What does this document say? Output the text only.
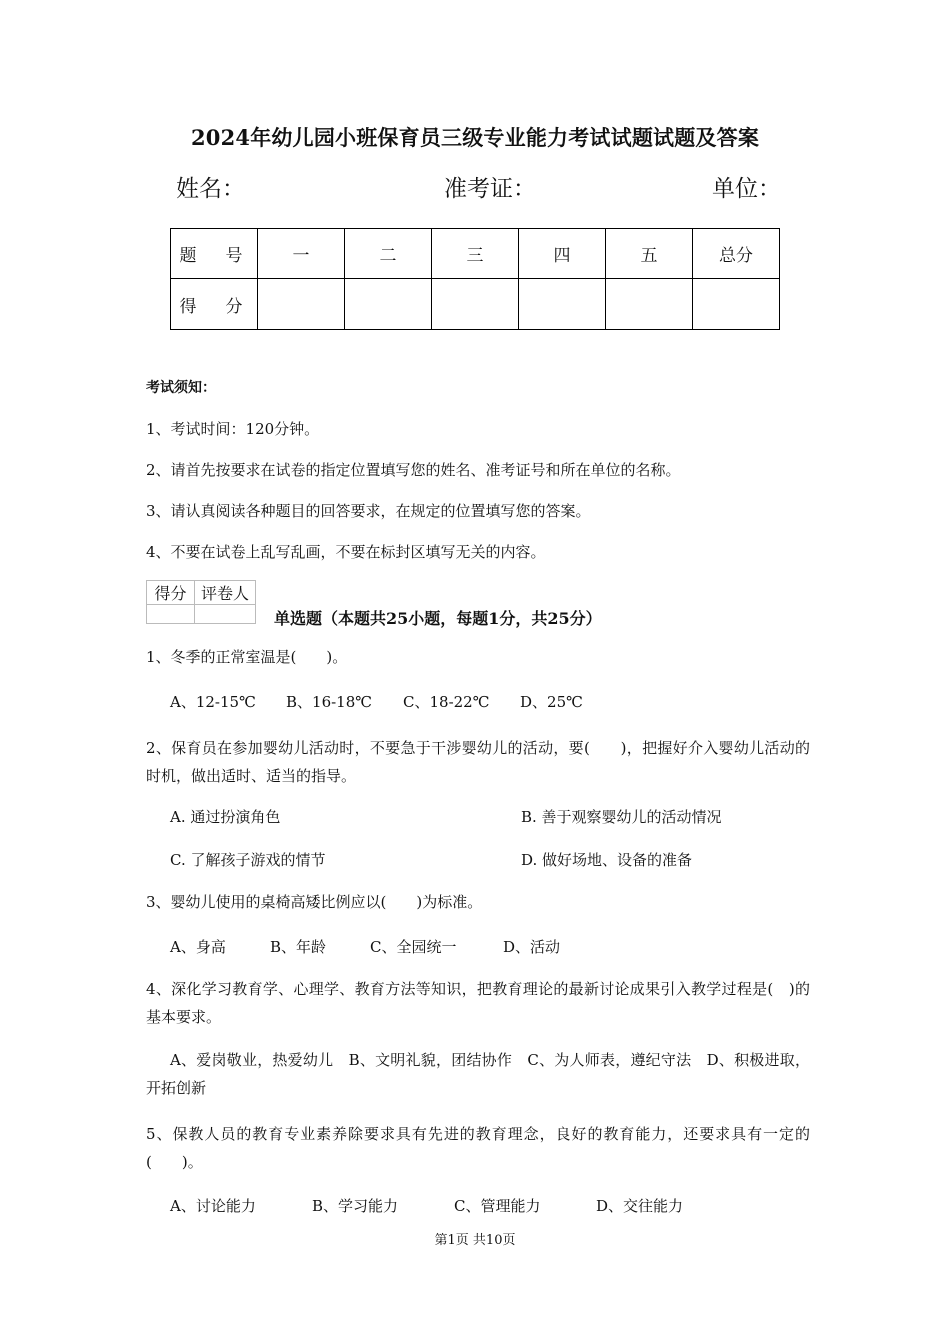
2024年幼儿园小班保育员三级专业能力考试试题试题及答案
姓名：	准考证：	单位：
题　号	一	二	三	四	五	总分
得　分						
考试须知：
1、考试时间：120分钟。
2、请首先按要求在试卷的指定位置填写您的姓名、准考证号和所在单位的名称。
3、请认真阅读各种题目的回答要求，在规定的位置填写您的答案。
4、不要在试卷上乱写乱画，不要在标封区填写无关的内容。
得分	评卷人

单选题（本题共25小题，每题1分，共25分）
1、冬季的正常室温是(　　)。
A、12-15℃ B、16-18℃ C、18-22℃ D、25℃
2、保育员在参加婴幼儿活动时，不要急于干涉婴幼儿的活动，要(　　)，把握好介入婴幼儿活动的时机，做出适时、适当的指导。
A. 通过扮演角色	B. 善于观察婴幼儿的活动情况
C. 了解孩子游戏的情节	D. 做好场地、设备的准备
3、婴幼儿使用的桌椅高矮比例应以(　　)为标准。
A、身高	B、年龄	C、全园统一	D、活动
4、深化学习教育学、心理学、教育方法等知识，把教育理论的最新讨论成果引入教学过程是(　)的基本要求。
A、爱岗敬业，热爱幼儿　B、文明礼貌，团结协作　C、为人师表，遵纪守法　D、积极进取，开拓创新
5、保教人员的教育专业素养除要求具有先进的教育理念，良好的教育能力，还要求具有一定的(　　)。
A、讨论能力	B、学习能力	C、管理能力	D、交往能力
第1页 共10页
